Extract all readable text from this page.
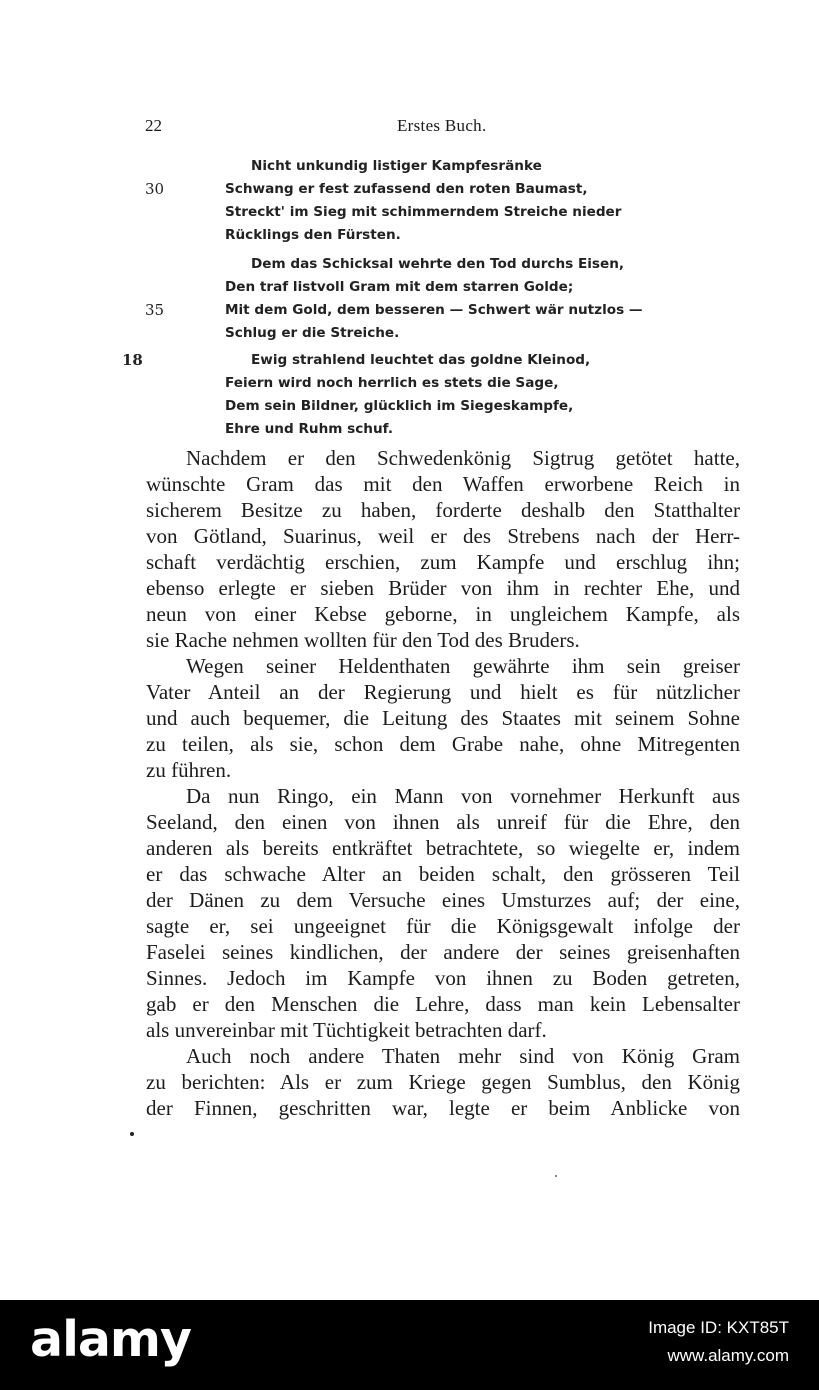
22	Erstes Buch.
Nicht unkundig listiger Kampfesränke
30	Schwang er fest zufassend den roten Baumast,
Streckt' im Sieg mit schimmerndem Streiche nieder
Rücklings den Fürsten.
Dem das Schicksal wehrte den Tod durchs Eisen,
Den traf listvoll Gram mit dem starren Golde;
35	Mit dem Gold, dem besseren — Schwert wär nutzlos —
Schlug er die Streiche.
18	Ewig strahlend leuchtet das goldne Kleinod,
Feiern wird noch herrlich es stets die Sage,
Dem sein Bildner, glücklich im Siegeskampfe,
Ehre und Ruhm schuf.
Nachdem er den Schwedenkönig Sigtrug getötet hatte,
wünschte Gram das mit den Waffen erworbene Reich in
sicherem Besitze zu haben, forderte deshalb den Statthalter
von Götland, Suarinus, weil er des Strebens nach der Herr-
schaft verdächtig erschien, zum Kampfe und erschlug ihn;
ebenso erlegte er sieben Brüder von ihm in rechter Ehe, und
neun von einer Kebse geborne, in ungleichem Kampfe, als
sie Rache nehmen wollten für den Tod des Bruders.
Wegen seiner Heldenthaten gewährte ihm sein greiser
Vater Anteil an der Regierung und hielt es für nützlicher
und auch bequemer, die Leitung des Staates mit seinem Sohne
zu teilen, als sie, schon dem Grabe nahe, ohne Mitregenten
zu führen.
Da nun Ringo, ein Mann von vornehmer Herkunft aus
Seeland, den einen von ihnen als unreif für die Ehre, den
anderen als bereits entkräftet betrachtete, so wiegelte er, indem
er das schwache Alter an beiden schalt, den grösseren Teil
der Dänen zu dem Versuche eines Umsturzes auf; der eine,
sagte er, sei ungeeignet für die Königsgewalt infolge der
Faselei seines kindlichen, der andere der seines greisenhaften
Sinnes. Jedoch im Kampfe von ihnen zu Boden getreten,
gab er den Menschen die Lehre, dass man kein Lebensalter
als unvereinbar mit Tüchtigkeit betrachten darf.
Auch noch andere Thaten mehr sind von König Gram
zu berichten: Als er zum Kriege gegen Sumblus, den König
der Finnen, geschritten war, legte er beim Anblicke von
alamy	Image ID: KXT85T
www.alamy.com
